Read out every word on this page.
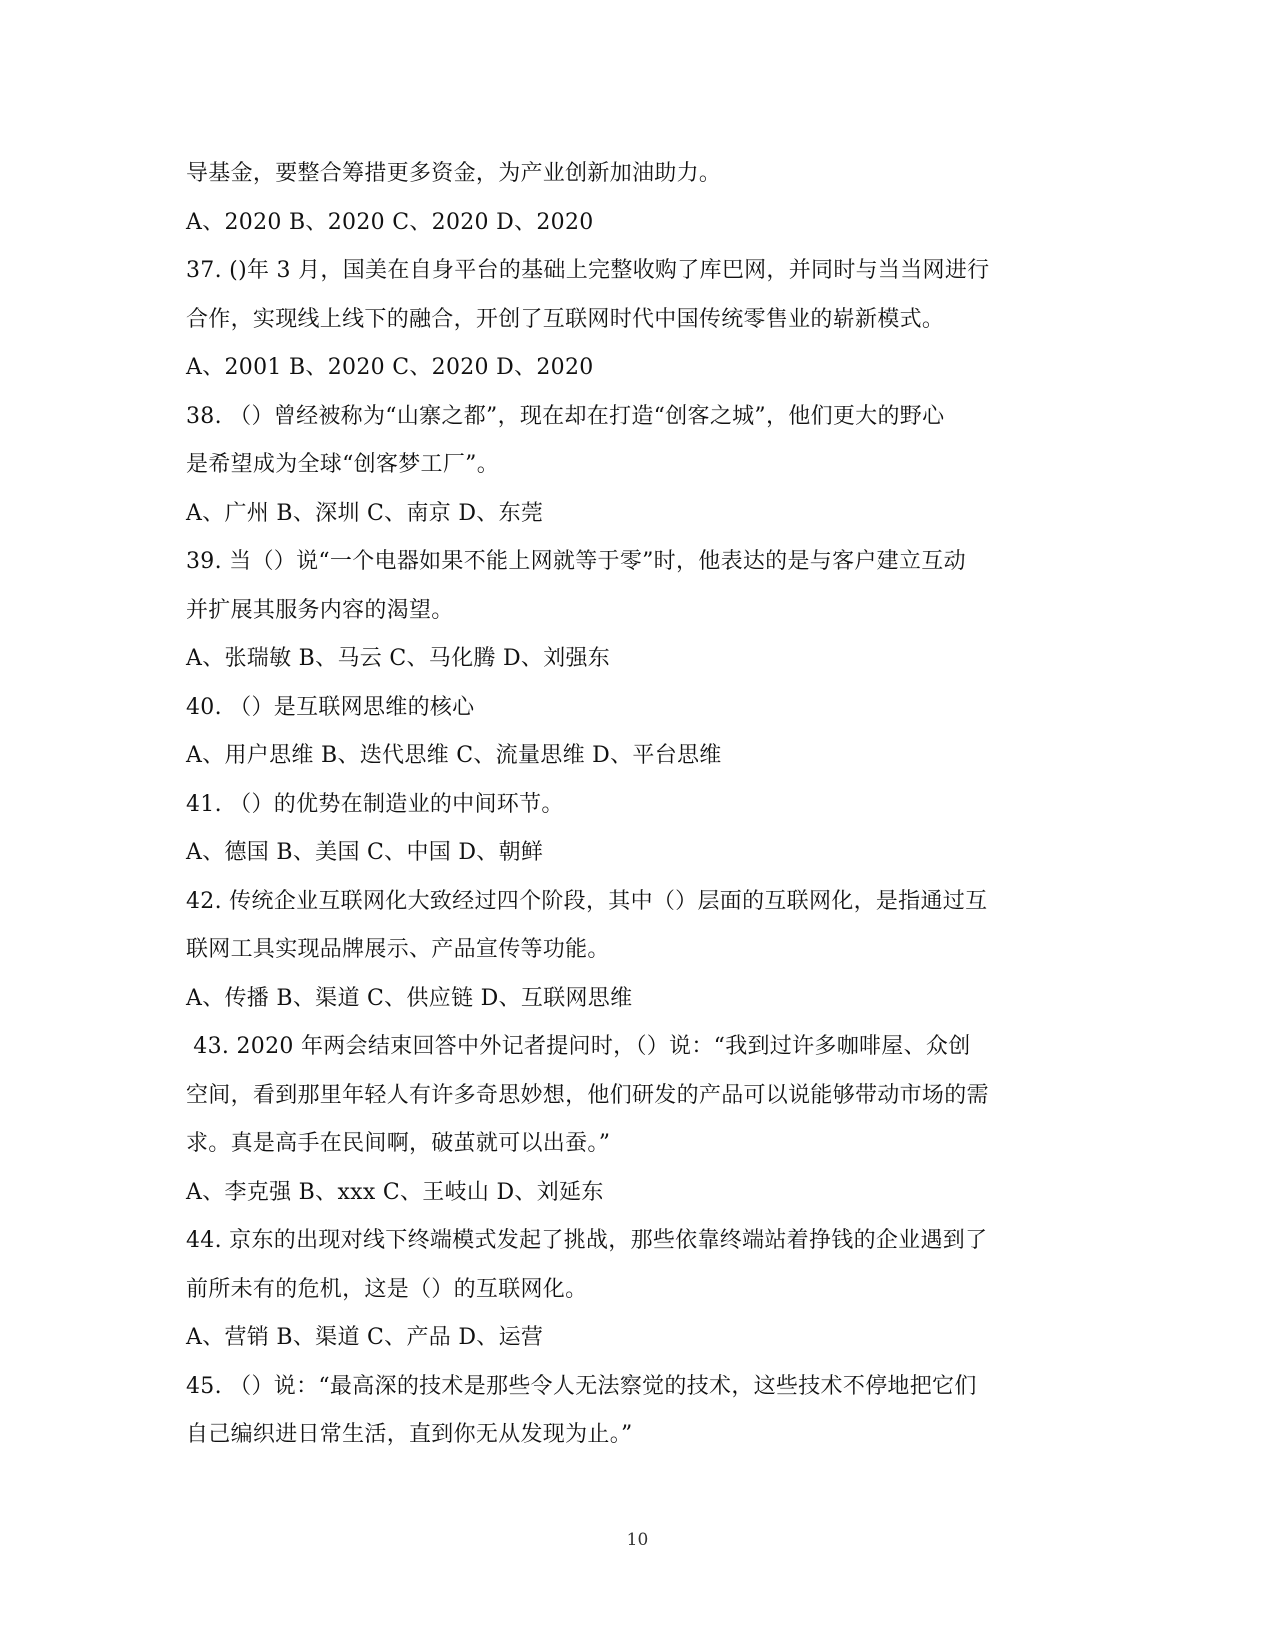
导基金，要整合筹措更多资金，为产业创新加油助力。
A、2020 B、2020 C、2020 D、2020
37. ()年 3 月，国美在自身平台的基础上完整收购了库巴网，并同时与当当网进行
合作，实现线上线下的融合，开创了互联网时代中国传统零售业的崭新模式。
A、2001 B、2020 C、2020 D、2020
38. （）曾经被称为“山寨之都”，现在却在打造“创客之城”，他们更大的野心
是希望成为全球“创客梦工厂”。
A、广州 B、深圳 C、南京 D、东莞
39. 当（）说“一个电器如果不能上网就等于零”时，他表达的是与客户建立互动
并扩展其服务内容的渴望。
A、张瑞敏 B、马云 C、马化腾 D、刘强东
40. （）是互联网思维的核心
A、用户思维 B、迭代思维 C、流量思维 D、平台思维
41. （）的优势在制造业的中间环节。
A、德国 B、美国 C、中国 D、朝鲜
42. 传统企业互联网化大致经过四个阶段，其中（）层面的互联网化，是指通过互
联网工具实现品牌展示、产品宣传等功能。
A、传播 B、渠道 C、供应链 D、互联网思维
43. 2020 年两会结束回答中外记者提问时，（）说：“我到过许多咖啡屋、众创
空间，看到那里年轻人有许多奇思妙想，他们研发的产品可以说能够带动市场的需
求。真是高手在民间啊，破茧就可以出蚕。”
A、李克强 B、xxx C、王岐山 D、刘延东
44. 京东的出现对线下终端模式发起了挑战，那些依靠终端站着挣钱的企业遇到了
前所未有的危机，这是（）的互联网化。
A、营销 B、渠道 C、产品 D、运营
45. （）说：“最高深的技术是那些令人无法察觉的技术，这些技术不停地把它们
自己编织进日常生活，直到你无从发现为止。”
10
